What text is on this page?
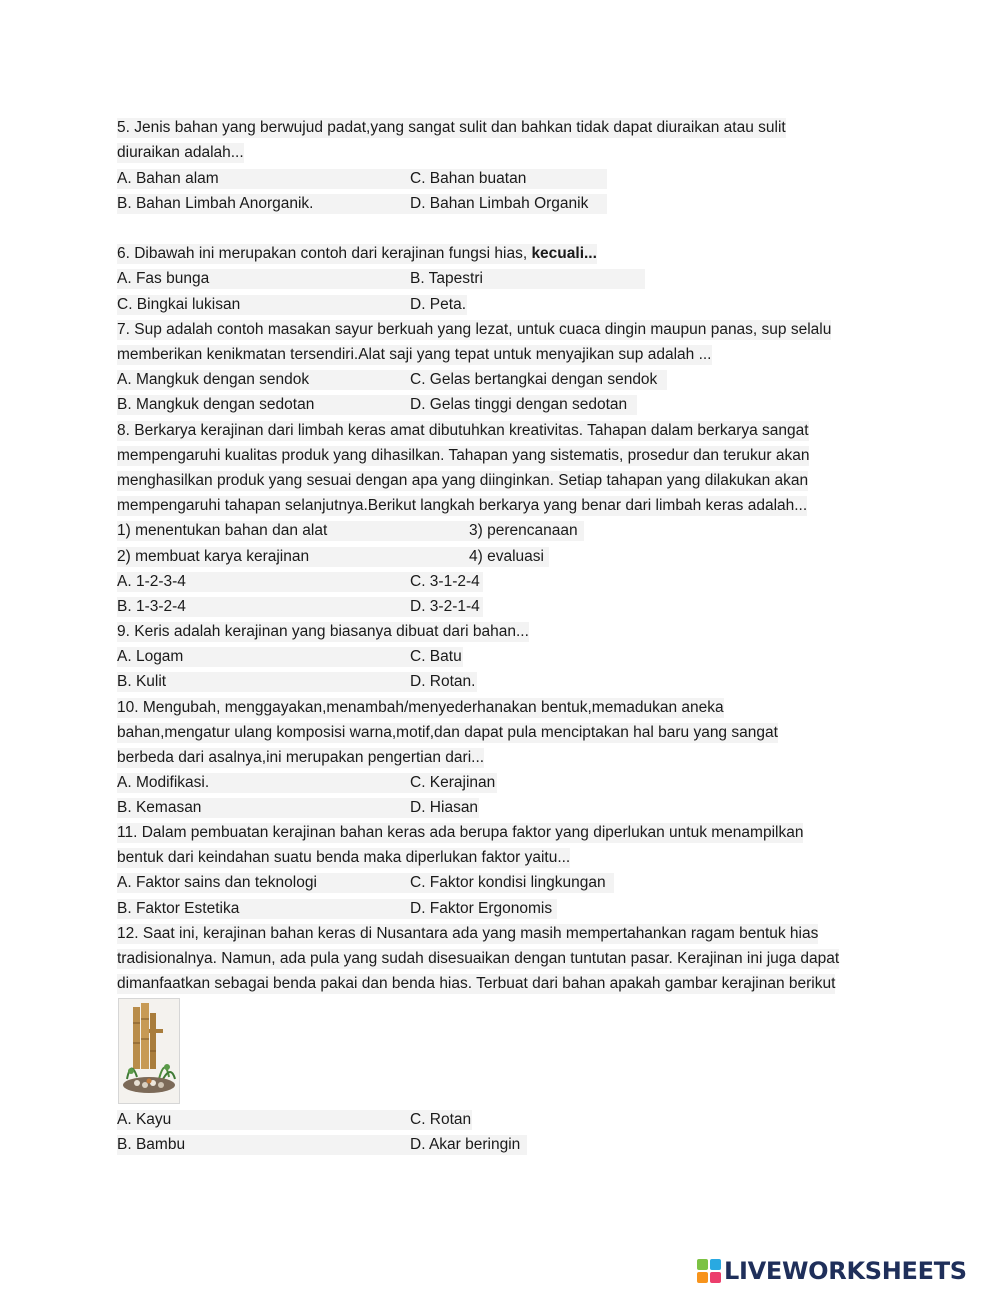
5. Jenis bahan yang berwujud padat,yang sangat sulit dan bahkan tidak dapat diuraikan atau sulit
diuraikan adalah...
A. Bahan alam	C. Bahan buatan
B. Bahan Limbah Anorganik.	D. Bahan Limbah Organik
6. Dibawah ini merupakan contoh dari kerajinan fungsi hias, kecuali...
A. Fas bunga	B. Tapestri
C. Bingkai lukisan	D. Peta.
7. Sup adalah contoh masakan sayur berkuah yang lezat, untuk cuaca dingin maupun panas, sup selalu
memberikan kenikmatan tersendiri.Alat saji yang tepat untuk menyajikan sup adalah ...
A. Mangkuk dengan sendok	C. Gelas bertangkai dengan sendok
B. Mangkuk dengan sedotan	D. Gelas tinggi dengan sedotan
8. Berkarya kerajinan dari limbah keras amat dibutuhkan kreativitas. Tahapan dalam berkarya sangat
mempengaruhi kualitas produk yang dihasilkan. Tahapan yang sistematis, prosedur dan terukur akan
menghasilkan produk yang sesuai dengan apa yang diinginkan. Setiap tahapan yang dilakukan akan
mempengaruhi tahapan selanjutnya.Berikut langkah berkarya yang benar dari limbah keras adalah...
1) menentukan bahan dan alat	3) perencanaan
2) membuat karya kerajinan	4) evaluasi
A. 1-2-3-4	C. 3-1-2-4
B. 1-3-2-4	D. 3-2-1-4
9. Keris adalah kerajinan yang biasanya dibuat dari bahan...
A. Logam	C. Batu
B. Kulit	D. Rotan.
10. Mengubah, menggayakan,menambah/menyederhanakan bentuk,memadukan aneka
bahan,mengatur ulang komposisi warna,motif,dan dapat pula menciptakan hal baru yang sangat
berbeda dari asalnya,ini merupakan pengertian dari...
A. Modifikasi.	C. Kerajinan
B. Kemasan	D. Hiasan
11. Dalam pembuatan kerajinan bahan keras ada berupa faktor yang diperlukan untuk menampilkan
bentuk dari keindahan suatu benda maka diperlukan faktor yaitu...
A. Faktor sains dan teknologi	C. Faktor kondisi lingkungan
B. Faktor Estetika	D. Faktor Ergonomis
12. Saat ini, kerajinan bahan keras di Nusantara ada yang masih mempertahankan ragam bentuk hias
tradisionalnya. Namun, ada pula yang sudah disesuaikan dengan tuntutan pasar. Kerajinan ini juga dapat
dimanfaatkan sebagai benda pakai dan benda hias. Terbuat dari bahan apakah gambar kerajinan berikut
A. Kayu	C. Rotan
B. Bambu	D. Akar beringin
LIVEWORKSHEETS
